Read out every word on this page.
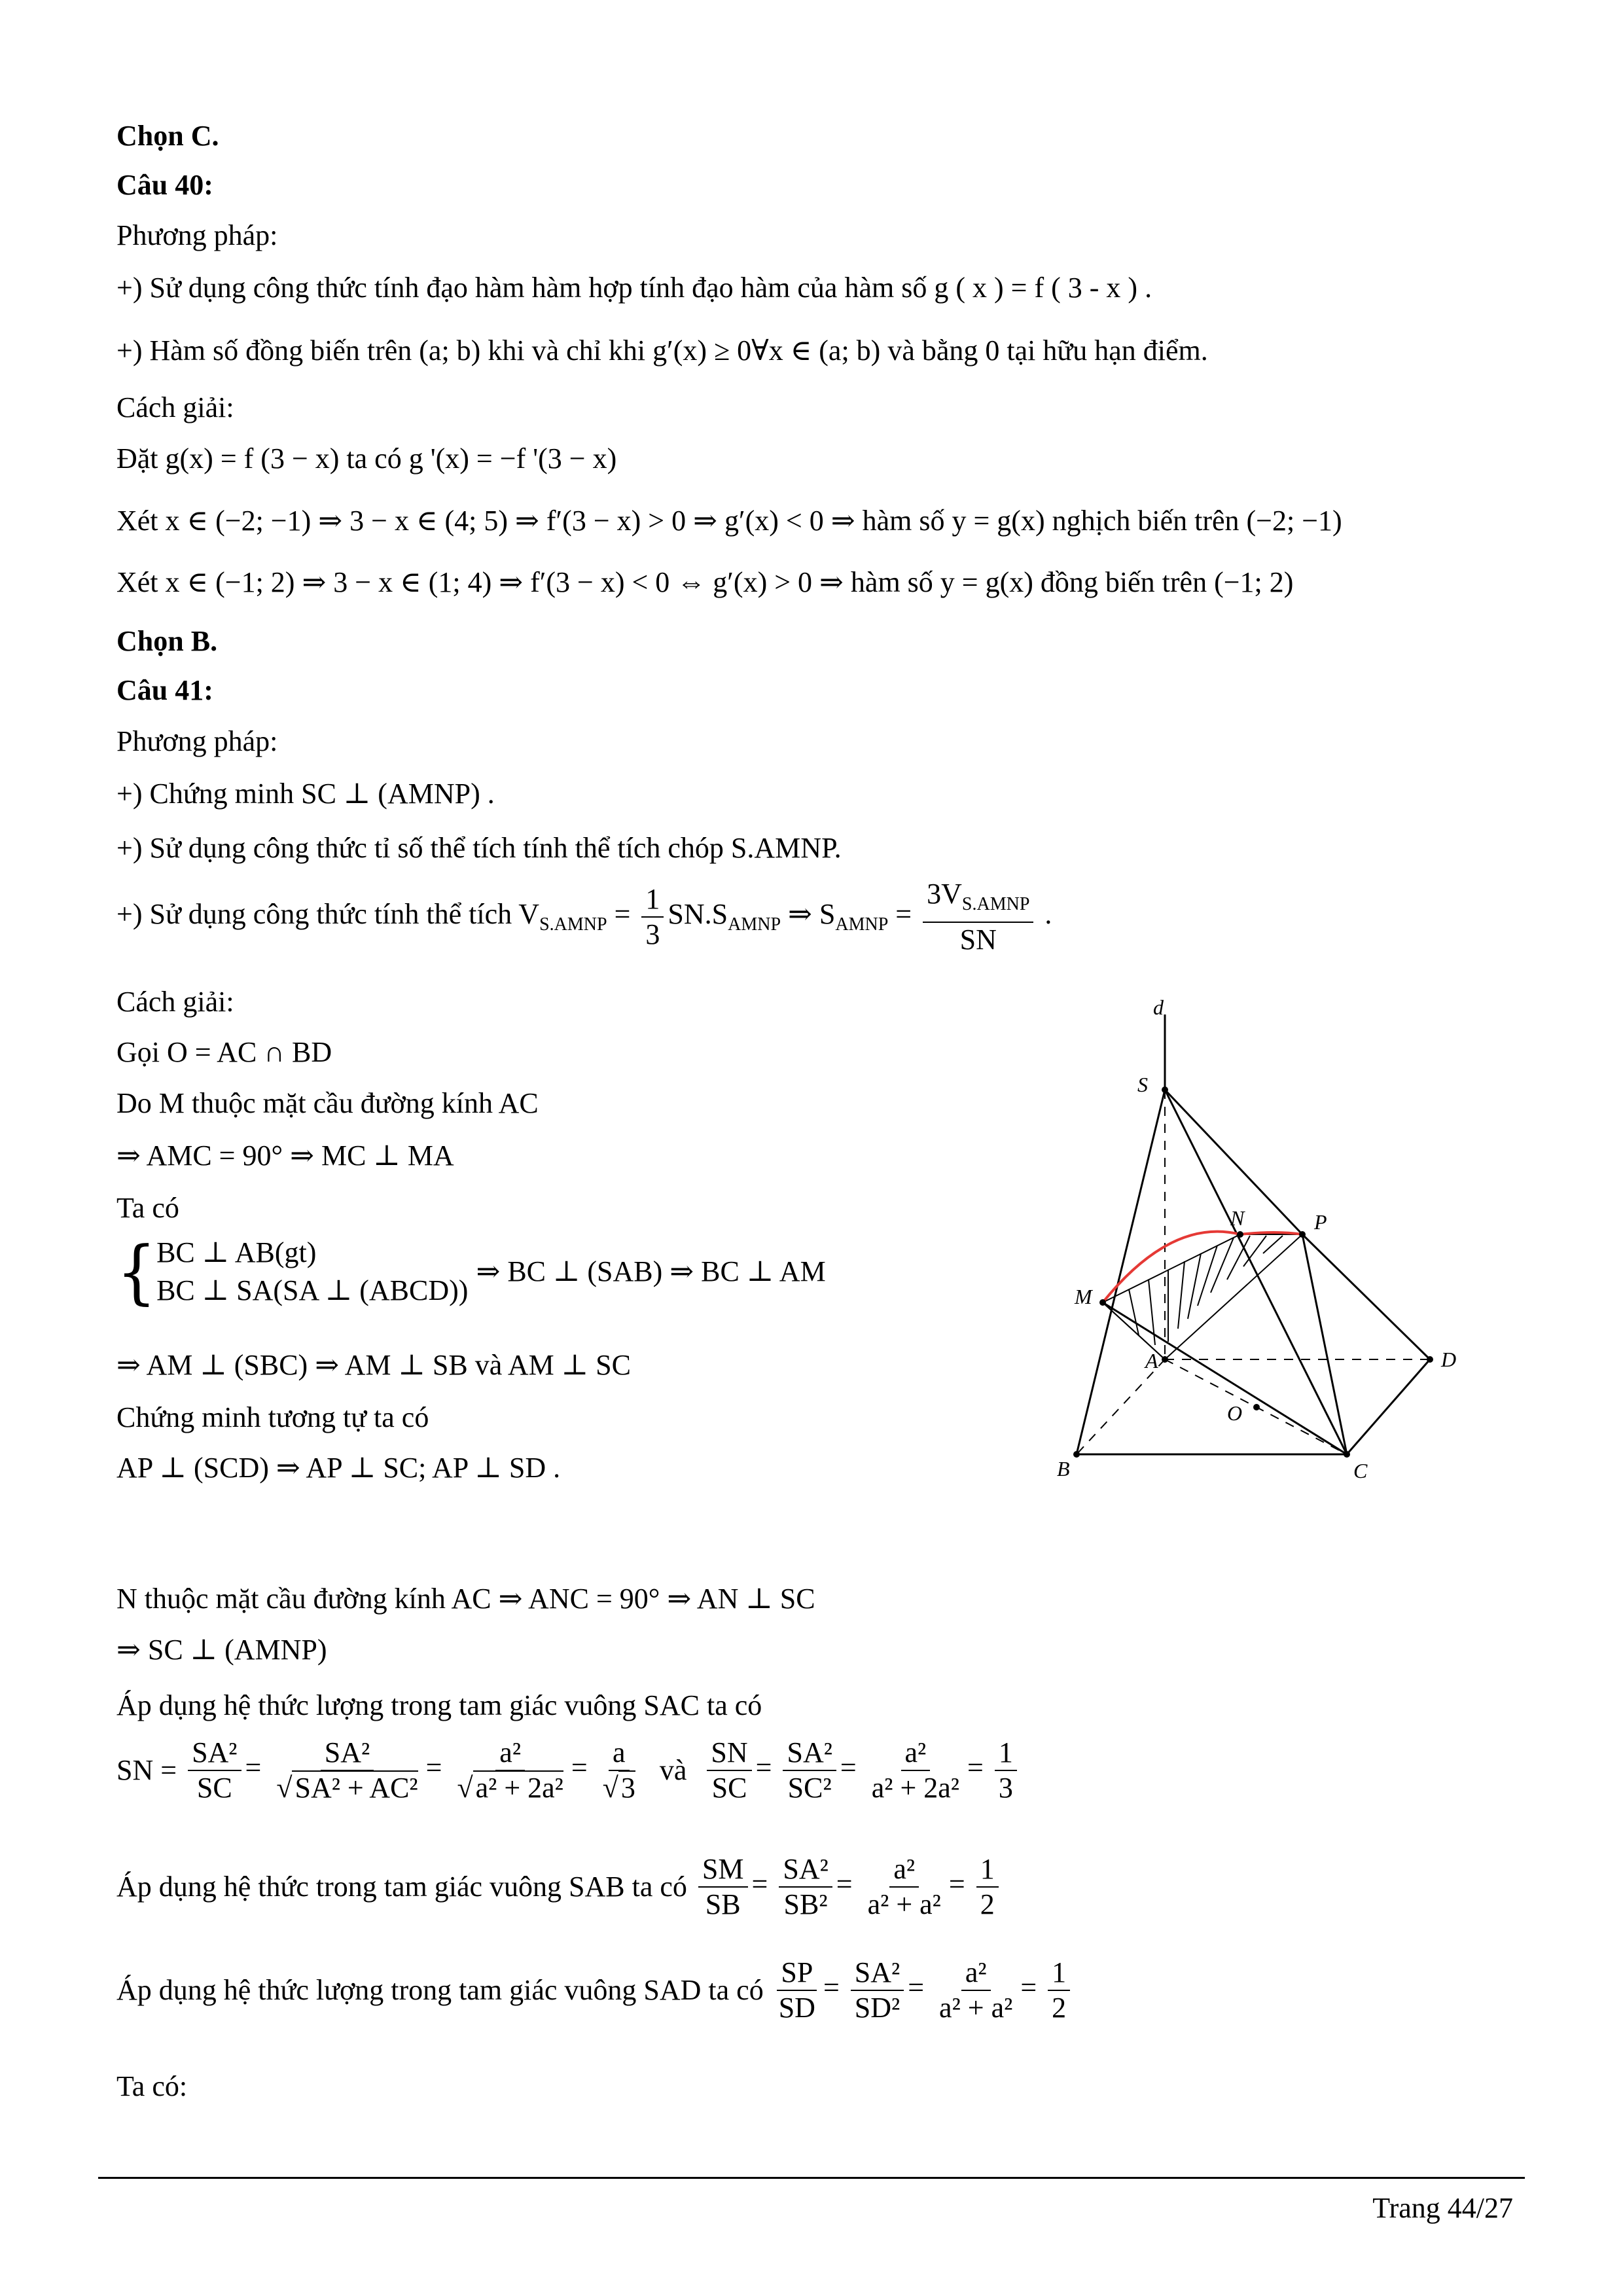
Chọn C.
Câu 40:
Phương pháp:
+) Sử dụng công thức tính đạo hàm hàm hợp tính đạo hàm của hàm số g ( x ) = f ( 3 - x ) .
+) Hàm số đồng biến trên (a; b) khi và chỉ khi g′(x) ≥ 0∀x ∈ (a; b) và bằng 0 tại hữu hạn điểm.
Cách giải:
Đặt g(x) = f (3 − x) ta có g '(x) = −f '(3 − x)
Xét x ∈ (−2; −1) ⇒ 3 − x ∈ (4; 5) ⇒ f′(3 − x) > 0 ⇒ g′(x) < 0 ⇒ hàm số y = g(x) nghịch biến trên (−2; −1)
Xét x ∈ (−1; 2) ⇒ 3 − x ∈ (1; 4) ⇒ f′(3 − x) < 0 ⇔ g′(x) > 0 ⇒ hàm số y = g(x) đồng biến trên (−1; 2)
Chọn B.
Câu 41:
Phương pháp:
+) Chứng minh SC ⊥ (AMNP) .
+) Sử dụng công thức tỉ số thể tích tính thể tích chóp S.AMNP.
+) Sử dụng công thức tính thể tích $V_{S.AMNP} = \frac{1}{3} SN.S_{AMNP}$ ⇒ $S_{AMNP} = \frac{3V_{S.AMNP}}{SN}$ .
Cách giải:
Gọi O = AC ∩ BD
Do M thuộc mặt cầu đường kính AC
⇒ AMC = 90° ⇒ MC ⊥ MA
Ta có
{ BC ⊥ AB(gt)
BC ⊥ SA(SA ⊥ (ABCD))
⇒ BC ⊥ (SAB) ⇒ BC ⊥ AM
⇒ AM ⊥ (SBC) ⇒ AM ⊥ SB và AM ⊥ SC
Chứng minh tương tự ta có
AP ⊥ (SCD) ⇒ AP ⊥ SC; AP ⊥ SD .
N thuộc mặt cầu đường kính AC ⇒ ANC = 90° ⇒ AN ⊥ SC
⇒ SC ⊥ (AMNP)
Áp dụng hệ thức lượng trong tam giác vuông SAC ta có
SN = $\frac{\text{SA²}}{SC} = \frac{\text{SA²}}{\text{√SA² + AC²}} = \frac{\text{a²}}{\text{√a² + 2a²}} = \frac{a}{√3}$ và $\frac{SN}{SC} = \frac{\text{SA²}}{\text{SC²}} = \frac{\text{a²}}{\text{a² + 2a²}} = \frac{1}{3}$
Áp dụng hệ thức trong tam giác vuông SAB ta có $\frac{SM}{SB} = \frac{\text{SA²}}{\text{SB²}} = \frac{\text{a²}}{\text{a² + a²}} = \frac{1}{2}$
Áp dụng hệ thức lượng trong tam giác vuông SAD ta có $\frac{SP}{SD} = \frac{\text{SA²}}{\text{SD²}} = \frac{\text{a²}}{\text{a² + a²}} = \frac{1}{2}$
Ta có:
d
S
N	P
M
A	D
O
B	C
Trang 44/27
